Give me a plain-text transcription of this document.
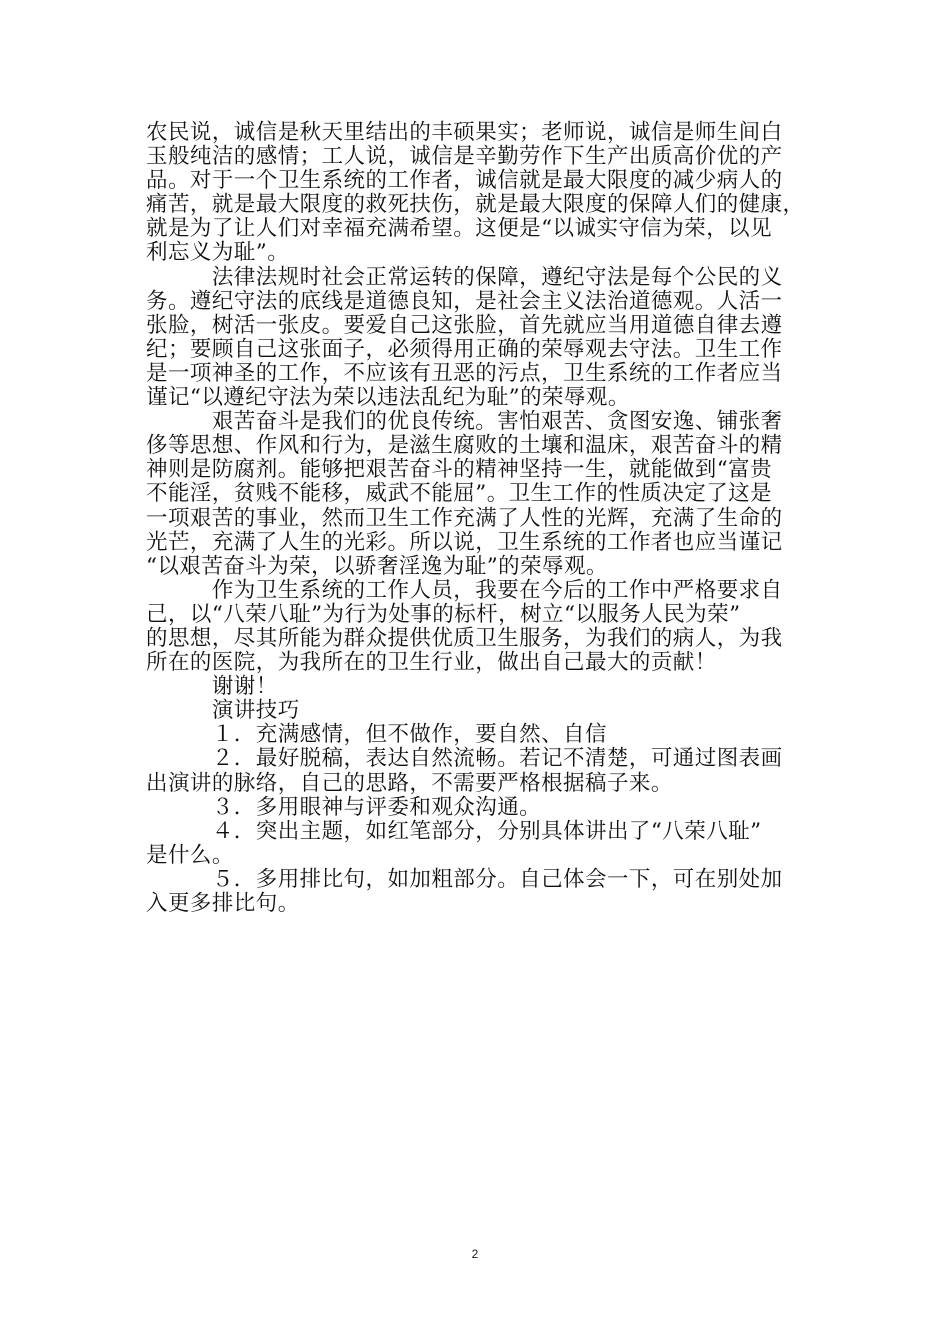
农民说，诚信是秋天里结出的丰硕果实；老师说，诚信是师生间白
玉般纯洁的感情；工人说，诚信是辛勤劳作下生产出质高价优的产
品。对于一个卫生系统的工作者，诚信就是最大限度的减少病人的
痛苦，就是最大限度的救死扶伤，就是最大限度的保障人们的健康，
就是为了让人们对幸福充满希望。这便是“以诚实守信为荣，以见
利忘义为耻”。
　　　法律法规时社会正常运转的保障，遵纪守法是每个公民的义
务。遵纪守法的底线是道德良知，是社会主义法治道德观。人活一
张脸，树活一张皮。要爱自己这张脸，首先就应当用道德自律去遵
纪；要顾自己这张面子，必须得用正确的荣辱观去守法。卫生工作
是一项神圣的工作，不应该有丑恶的污点，卫生系统的工作者应当
谨记“以遵纪守法为荣以违法乱纪为耻”的荣辱观。
　　　艰苦奋斗是我们的优良传统。害怕艰苦、贪图安逸、铺张奢
侈等思想、作风和行为，是滋生腐败的土壤和温床，艰苦奋斗的精
神则是防腐剂。能够把艰苦奋斗的精神坚持一生，就能做到“富贵
不能淫，贫贱不能移，威武不能屈”。卫生工作的性质决定了这是
一项艰苦的事业，然而卫生工作充满了人性的光辉，充满了生命的
光芒，充满了人生的光彩。所以说，卫生系统的工作者也应当谨记
“以艰苦奋斗为荣，以骄奢淫逸为耻”的荣辱观。
　　　作为卫生系统的工作人员，我要在今后的工作中严格要求自
己，以“八荣八耻”为行为处事的标杆，树立“以服务人民为荣”
的思想，尽其所能为群众提供优质卫生服务，为我们的病人，为我
所在的医院，为我所在的卫生行业，做出自己最大的贡献！
　　　谢谢！
　　　演讲技巧
　　　１．充满感情，但不做作，要自然、自信
　　　２．最好脱稿，表达自然流畅。若记不清楚，可通过图表画
出演讲的脉络，自己的思路，不需要严格根据稿子来。
　　　３．多用眼神与评委和观众沟通。
　　　４．突出主题，如红笔部分，分别具体讲出了“八荣八耻”
是什么。
　　　５．多用排比句，如加粗部分。自己体会一下，可在别处加
入更多排比句。
2
